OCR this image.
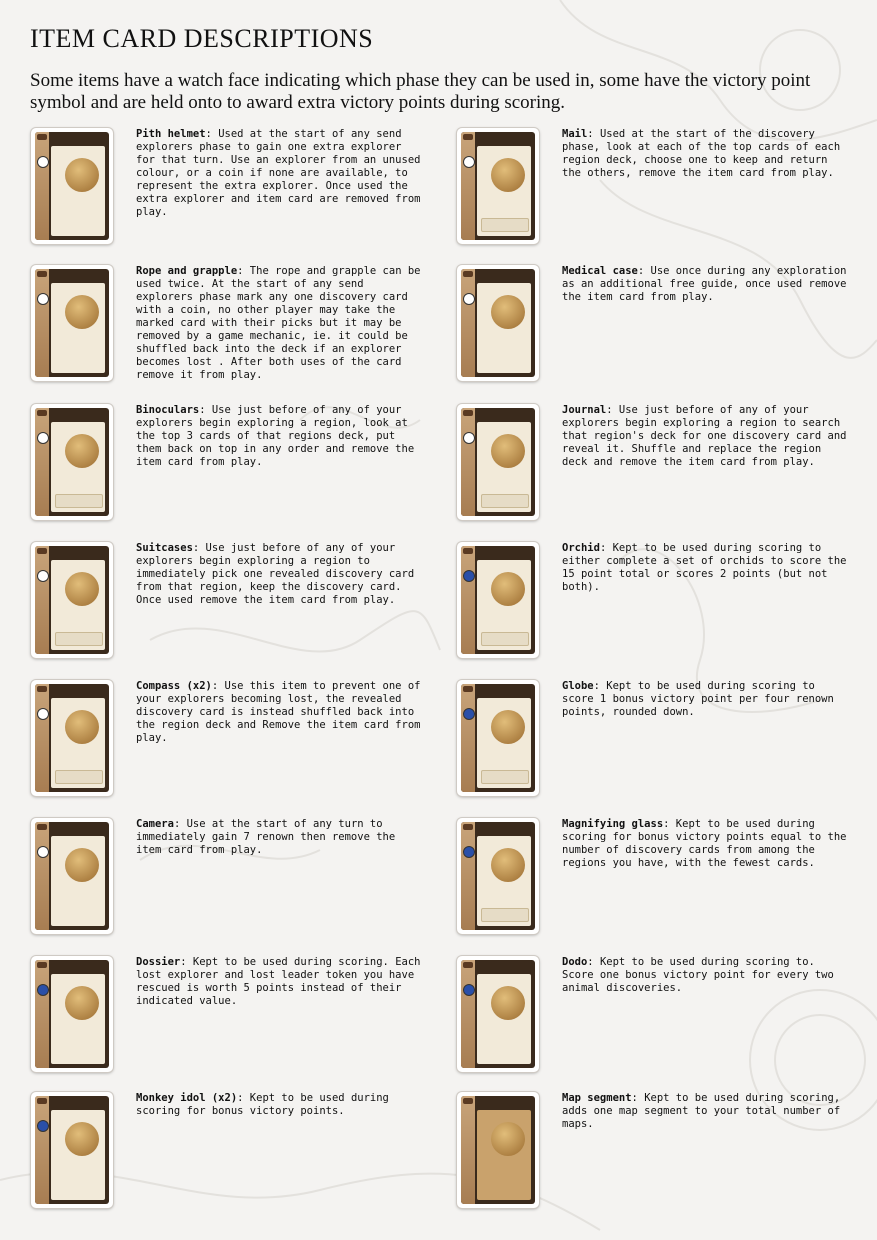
ITEM CARD DESCRIPTIONS
Some items have a watch face indicating which phase they can be used in, some have the victory point symbol and are held onto to award extra victory points during scoring.
Pith helmet: Used at the start of any send explorers phase to gain one extra explorer for that turn. Use an explorer from an unused colour, or a coin if none are available, to represent the extra explorer. Once used the extra explorer and item card are removed from play.
Mail: Used at the start of the discovery phase, look at each of the top cards of each region deck, choose one to keep and return the others, remove the item card from play.
Rope and grapple: The rope and grapple can be used twice. At the start of any send explorers phase mark any one discovery card with a coin, no other player may take the marked card with their picks but it may be removed by a game mechanic, ie. it could be shuffled back into the deck if an explorer becomes lost . After both uses of the card remove it from play.
Medical case: Use once during any exploration as an additional free guide, once used remove the item card from play.
Binoculars: Use just before of any of your explorers begin exploring a region, look at the top 3 cards of that regions deck, put them back on top in any order and remove the item card from play.
Journal: Use just before of any of your explorers begin exploring a region to search that region's deck for one discovery card and reveal it. Shuffle and replace the region deck and remove the item card from play.
Suitcases: Use just before of any of your explorers begin exploring a region to immediately pick one revealed discovery card from that region, keep the discovery card. Once used remove the item card from play.
Orchid: Kept to be used during scoring to either complete a set of orchids to score the 15 point total or scores 2 points (but not both).
Compass (x2): Use this item to prevent one of your explorers becoming lost, the revealed discovery card is instead shuffled back into the region deck and Remove the item card from play.
Globe: Kept to be used during scoring to score 1 bonus victory point per four renown points, rounded down.
Camera: Use at the start of any turn to immediately gain 7 renown then remove the item card from play.
Magnifying glass: Kept to be used during scoring for bonus victory points equal to the number of discovery cards from among the regions you have, with the fewest cards.
Dossier: Kept to be used during scoring. Each lost explorer and lost leader token you have rescued is worth 5 points instead of their indicated value.
Dodo: Kept to be used during scoring to. Score one bonus victory point for every two animal discoveries.
Monkey idol (x2): Kept to be used during scoring for bonus victory points.
Map segment: Kept to be used during scoring, adds one map segment to your total number of maps.
